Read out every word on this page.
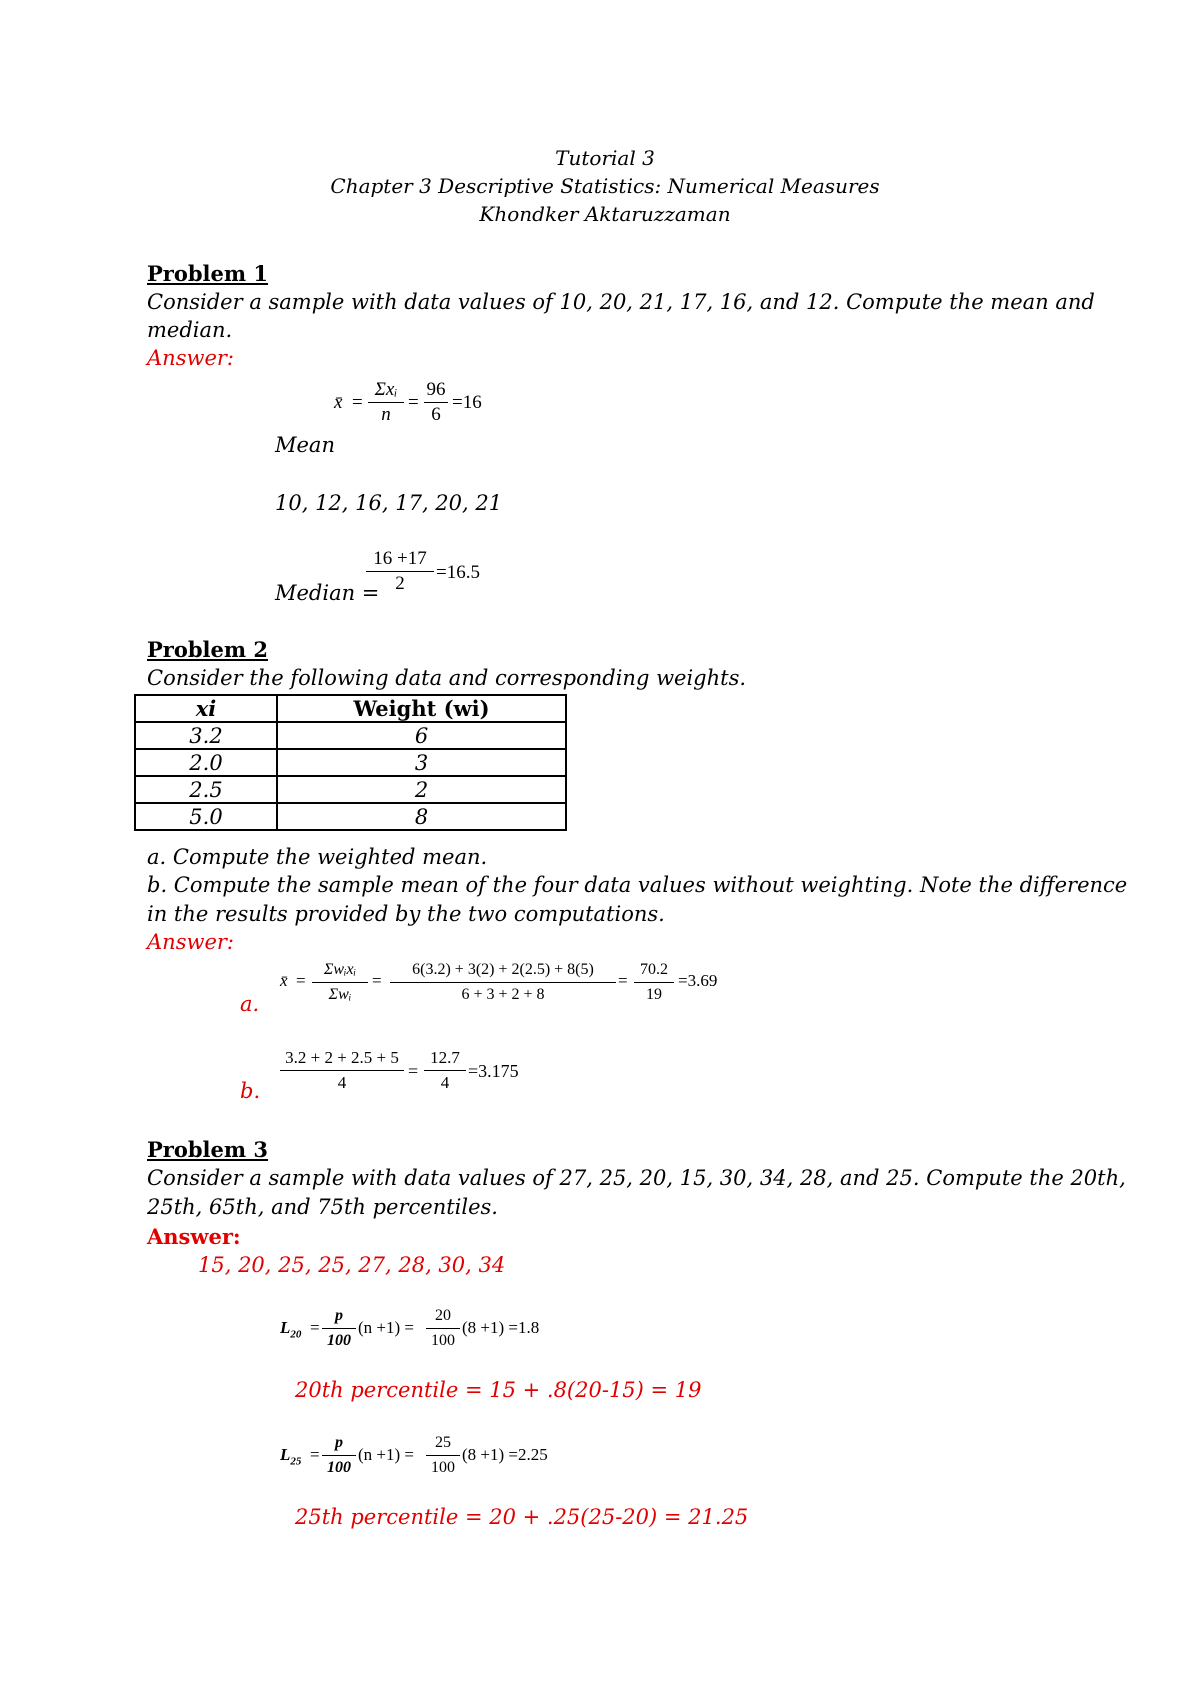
Tutorial 3
Chapter 3 Descriptive Statistics: Numerical Measures
Khondker Aktaruzzaman
Problem 1
Consider a sample with data values of 10, 20, 21, 17, 16, and 12. Compute the mean and
median.
Answer:
x̄ =
Σxᵢ
n
=
96
6
=16
Mean
10, 12, 16, 17, 20, 21
Median =
16 +17
2
=16.5
Problem 2
Consider the following data and corresponding weights.
xi	Weight (wi)
3.2	6
2.0	3
2.5	2
5.0	8
a. Compute the weighted mean.
b. Compute the sample mean of the four data values without weighting. Note the difference
in the results provided by the two computations.
Answer:
a.
x̄ =
Σwᵢxᵢ
Σwᵢ
=
6(3.2) + 3(2) + 2(2.5) + 8(5)
6 + 3 + 2 + 8
=
70.2
19
=3.69
b.
3.2 + 2 + 2.5 + 5
4
=
12.7
4
=3.175
Problem 3
Consider a sample with data values of 27, 25, 20, 15, 30, 34, 28, and 25. Compute the 20th,
25th, 65th, and 75th percentiles.
Answer:
15, 20, 25, 25, 27, 28, 30, 34
$L_{20}$ =
p
100
(n +1) =
20
100
(8 +1) =1.8
20th percentile = 15 + .8(20-15) = 19
$L_{25}$ =
p
100
(n +1) =
25
100
(8 +1) =2.25
25th percentile = 20 + .25(25-20) = 21.25
